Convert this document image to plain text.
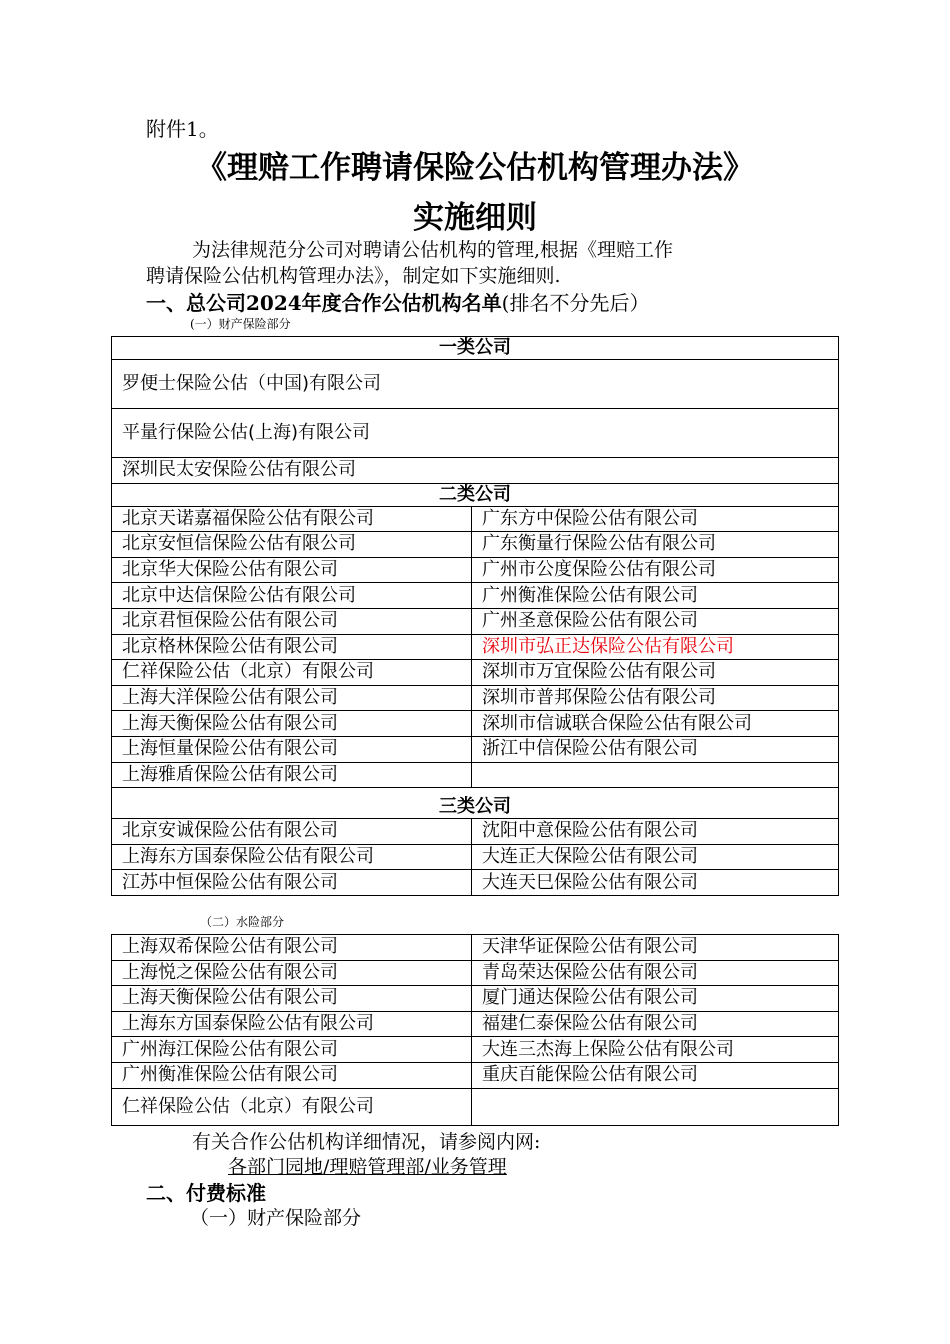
附件1。
《理赔工作聘请保险公估机构管理办法》
实施细则
为法律规范分公司对聘请公估机构的管理,根据《理赔工作
聘请保险公估机构管理办法》，制定如下实施细则.
一、总公司2024年度合作公估机构名单(排名不分先后）
(一）财产保险部分
一类公司	
罗便士保险公估（中国)有限公司	
平量行保险公估(上海)有限公司	
深圳民太安保险公估有限公司	
二类公司	
北京天诺嘉福保险公估有限公司	广东方中保险公估有限公司
北京安恒信保险公估有限公司	广东衡量行保险公估有限公司
北京华大保险公估有限公司	广州市公度保险公估有限公司
北京中达信保险公估有限公司	广州衡准保险公估有限公司
北京君恒保险公估有限公司	广州圣意保险公估有限公司
北京格林保险公估有限公司	深圳市弘正达保险公估有限公司
仁祥保险公估（北京）有限公司	深圳市万宜保险公估有限公司
上海大洋保险公估有限公司	深圳市普邦保险公估有限公司
上海天衡保险公估有限公司	深圳市信诚联合保险公估有限公司
上海恒量保险公估有限公司	浙江中信保险公估有限公司
上海雅盾保险公估有限公司	
三类公司	
北京安诚保险公估有限公司	沈阳中意保险公估有限公司
上海东方国泰保险公估有限公司	大连正大保险公估有限公司
江苏中恒保险公估有限公司	大连天巳保险公估有限公司
（二）水险部分
上海双希保险公估有限公司	天津华证保险公估有限公司
上海悦之保险公估有限公司	青岛荣达保险公估有限公司
上海天衡保险公估有限公司	厦门通达保险公估有限公司
上海东方国泰保险公估有限公司	福建仁泰保险公估有限公司
广州海江保险公估有限公司	大连三杰海上保险公估有限公司
广州衡准保险公估有限公司	重庆百能保险公估有限公司
仁祥保险公估（北京）有限公司	
有关合作公估机构详细情况，请参阅内网:
各部门园地/理赔管理部/业务管理
二、付费标准
（一）财产保险部分
